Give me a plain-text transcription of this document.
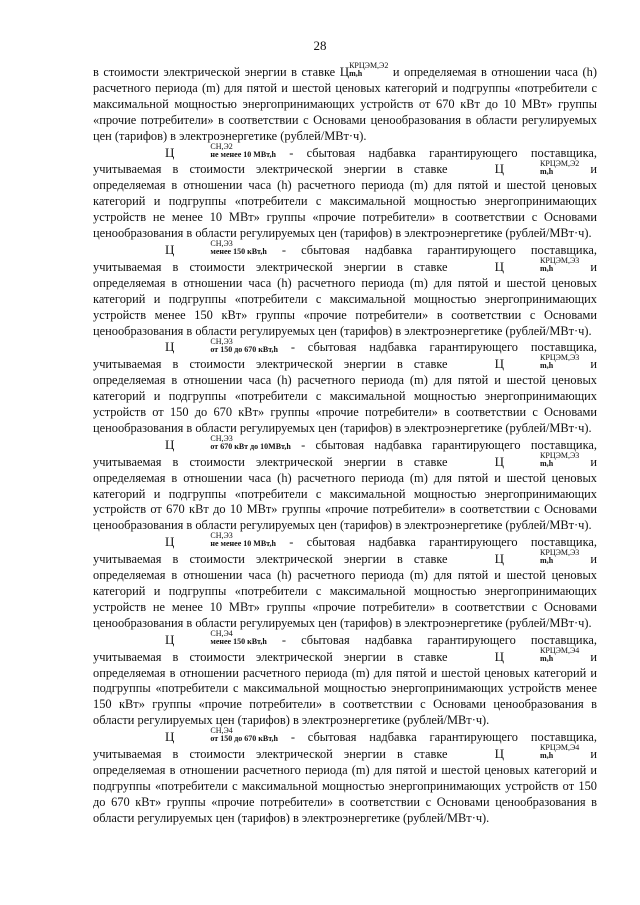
28

в стоимости электрической энергии в ставке Ц КРЦЭМ,Э2
m,h	и определяемая в отношении часа (h) расчетного периода (m) для пятой и шестой ценовых категорий и подгруппы «потребители с максимальной мощностью энергопринимающих устройств от 670 кВт до 10 МВт» группы «прочие потребители» в соответствии с Основами ценообразования в области регулируемых цен (тарифов) в электроэнергетике (рублей/МВт·ч).

Ц	СН,Э2
не менее 10 МВт,h - сбытовая надбавка гарантирующего поставщика, учитываемая в стоимости электрической энергии в ставке	Ц	КРЦЭМ,Э2
m,h	и определяемая в отношении часа (h) расчетного периода (m) для пятой и шестой ценовых категорий и подгруппы «потребители с максимальной мощностью энергопринимающих устройств не менее 10 МВт» группы «прочие потребители» в соответствии с Основами ценообразования в области регулируемых цен (тарифов) в электроэнергетике (рублей/МВт·ч).

Ц	СН,Э3
менее 150 кВт,h - сбытовая надбавка гарантирующего поставщика, учитываемая в стоимости электрической энергии в ставке	Ц	КРЦЭМ,Э3
m,h	и определяемая в отношении часа (h) расчетного периода (m) для пятой и шестой ценовых категорий и подгруппы «потребители с максимальной мощностью энергопринимающих устройств менее 150 кВт» группы «прочие потребители» в соответствии с Основами ценообразования в области регулируемых цен (тарифов) в электроэнергетике (рублей/МВт·ч).

Ц	СН,Э3
от 150 до 670 кВт,h - сбытовая надбавка гарантирующего поставщика, учитываемая в стоимости электрической энергии в ставке	Ц	КРЦЭМ,Э3
m,h	и определяемая в отношении часа (h) расчетного периода (m) для пятой и шестой ценовых категорий и подгруппы «потребители с максимальной мощностью энергопринимающих устройств от 150 до 670 кВт» группы «прочие потребители» в соответствии с Основами ценообразования в области регулируемых цен (тарифов) в электроэнергетике (рублей/МВт·ч).

Ц	СН,Э3
от 670 кВт до 10МВт,h - сбытовая надбавка гарантирующего поставщика, учитываемая в стоимости электрической энергии в ставке	Ц	КРЦЭМ,Э3
m,h	и определяемая в отношении часа (h) расчетного периода (m) для пятой и шестой ценовых категорий и подгруппы «потребители с максимальной мощностью энергопринимающих устройств от 670 кВт до 10 МВт» группы «прочие потребители» в соответствии с Основами ценообразования в области регулируемых цен (тарифов) в электроэнергетике (рублей/МВт·ч).

Ц	СН,Э3
не менее 10 МВт,h - сбытовая надбавка гарантирующего поставщика, учитываемая в стоимости электрической энергии в ставке	Ц	КРЦЭМ,Э3
m,h	и определяемая в отношении часа (h) расчетного периода (m) для пятой и шестой ценовых категорий и подгруппы «потребители с максимальной мощностью энергопринимающих устройств не менее 10 МВт» группы «прочие потребители» в соответствии с Основами ценообразования в области регулируемых цен (тарифов) в электроэнергетике (рублей/МВт·ч).

Ц	СН,Э4
менее 150 кВт,h - сбытовая надбавка гарантирующего поставщика, учитываемая в стоимости электрической энергии в ставке	Ц	КРЦЭМ,Э4
m,h	и определяемая в отношении расчетного периода (m) для пятой и шестой ценовых категорий и подгруппы «потребители с максимальной мощностью энергопринимающих устройств менее 150 кВт» группы «прочие потребители» в соответствии с Основами ценообразования в области регулируемых цен (тарифов) в электроэнергетике (рублей/МВт·ч).

Ц	СН,Э4
от 150 до 670 кВт,h - сбытовая надбавка гарантирующего поставщика, учитываемая в стоимости электрической энергии в ставке	Ц	КРЦЭМ,Э4
m,h	и определяемая в отношении расчетного периода (m) для пятой и шестой ценовых категорий и подгруппы «потребители с максимальной мощностью энергопринимающих устройств от 150 до 670 кВт» группы «прочие потребители» в соответствии с Основами ценообразования в области регулируемых цен (тарифов) в электроэнергетике (рублей/МВт·ч).
